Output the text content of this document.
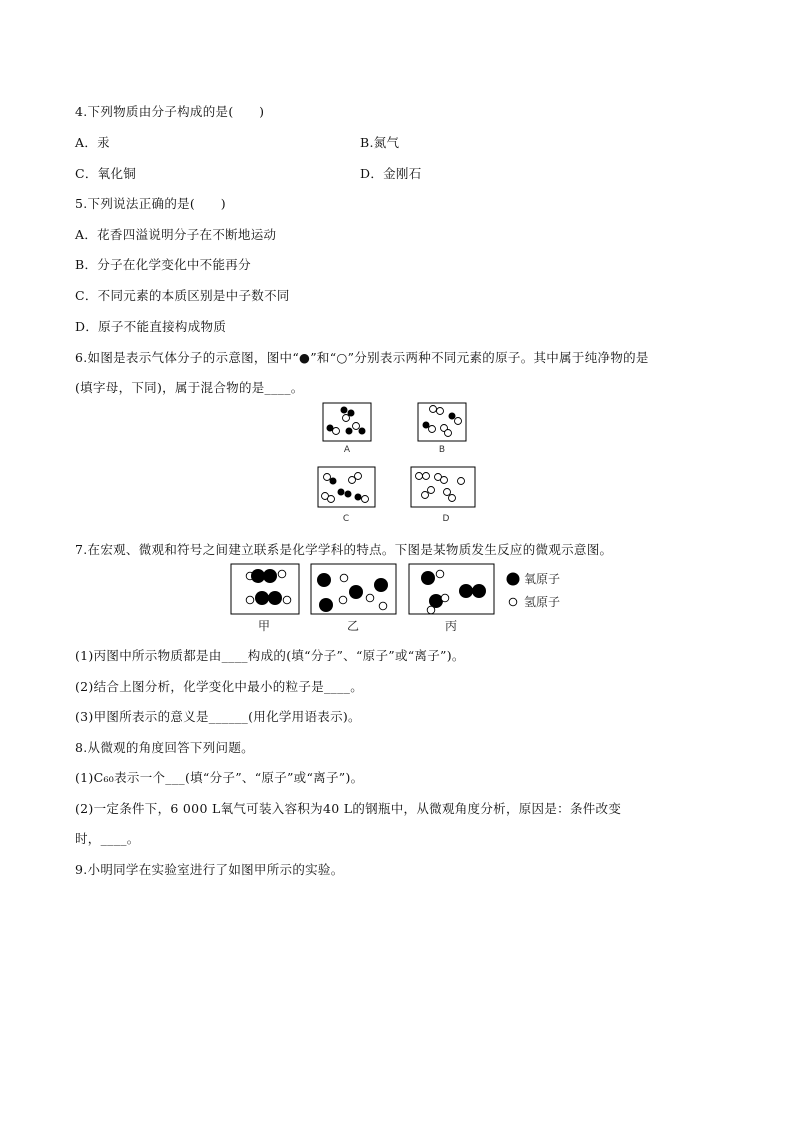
4.下列物质由分子构成的是(　　)
A．汞	B.氮气
C．氧化铜	D．金刚石
5.下列说法正确的是(　　)
A．花香四溢说明分子在不断地运动
B．分子在化学变化中不能再分
C．不同元素的本质区别是中子数不同
D．原子不能直接构成物质
6.如图是表示气体分子的示意图，图中“●”和“○”分别表示两种不同元素的原子。其中属于纯净物的是
(填字母，下同)，属于混合物的是____。
A	B
C	D
7.在宏观、微观和符号之间建立联系是化学学科的特点。下图是某物质发生反应的微观示意图。
甲	乙	丙
氧原子
氢原子
(1)丙图中所示物质都是由____构成的(填“分子”、“原子”或“离子”)。
(2)结合上图分析，化学变化中最小的粒子是____。
(3)甲图所表示的意义是______(用化学用语表示)。
8.从微观的角度回答下列问题。
(1)C₆₀表示一个___(填“分子”、“原子”或“离子”)。
(2)一定条件下，6 000 L氧气可装入容积为40 L的钢瓶中，从微观角度分析，原因是：条件改变
时，____。
9.小明同学在实验室进行了如图甲所示的实验。
